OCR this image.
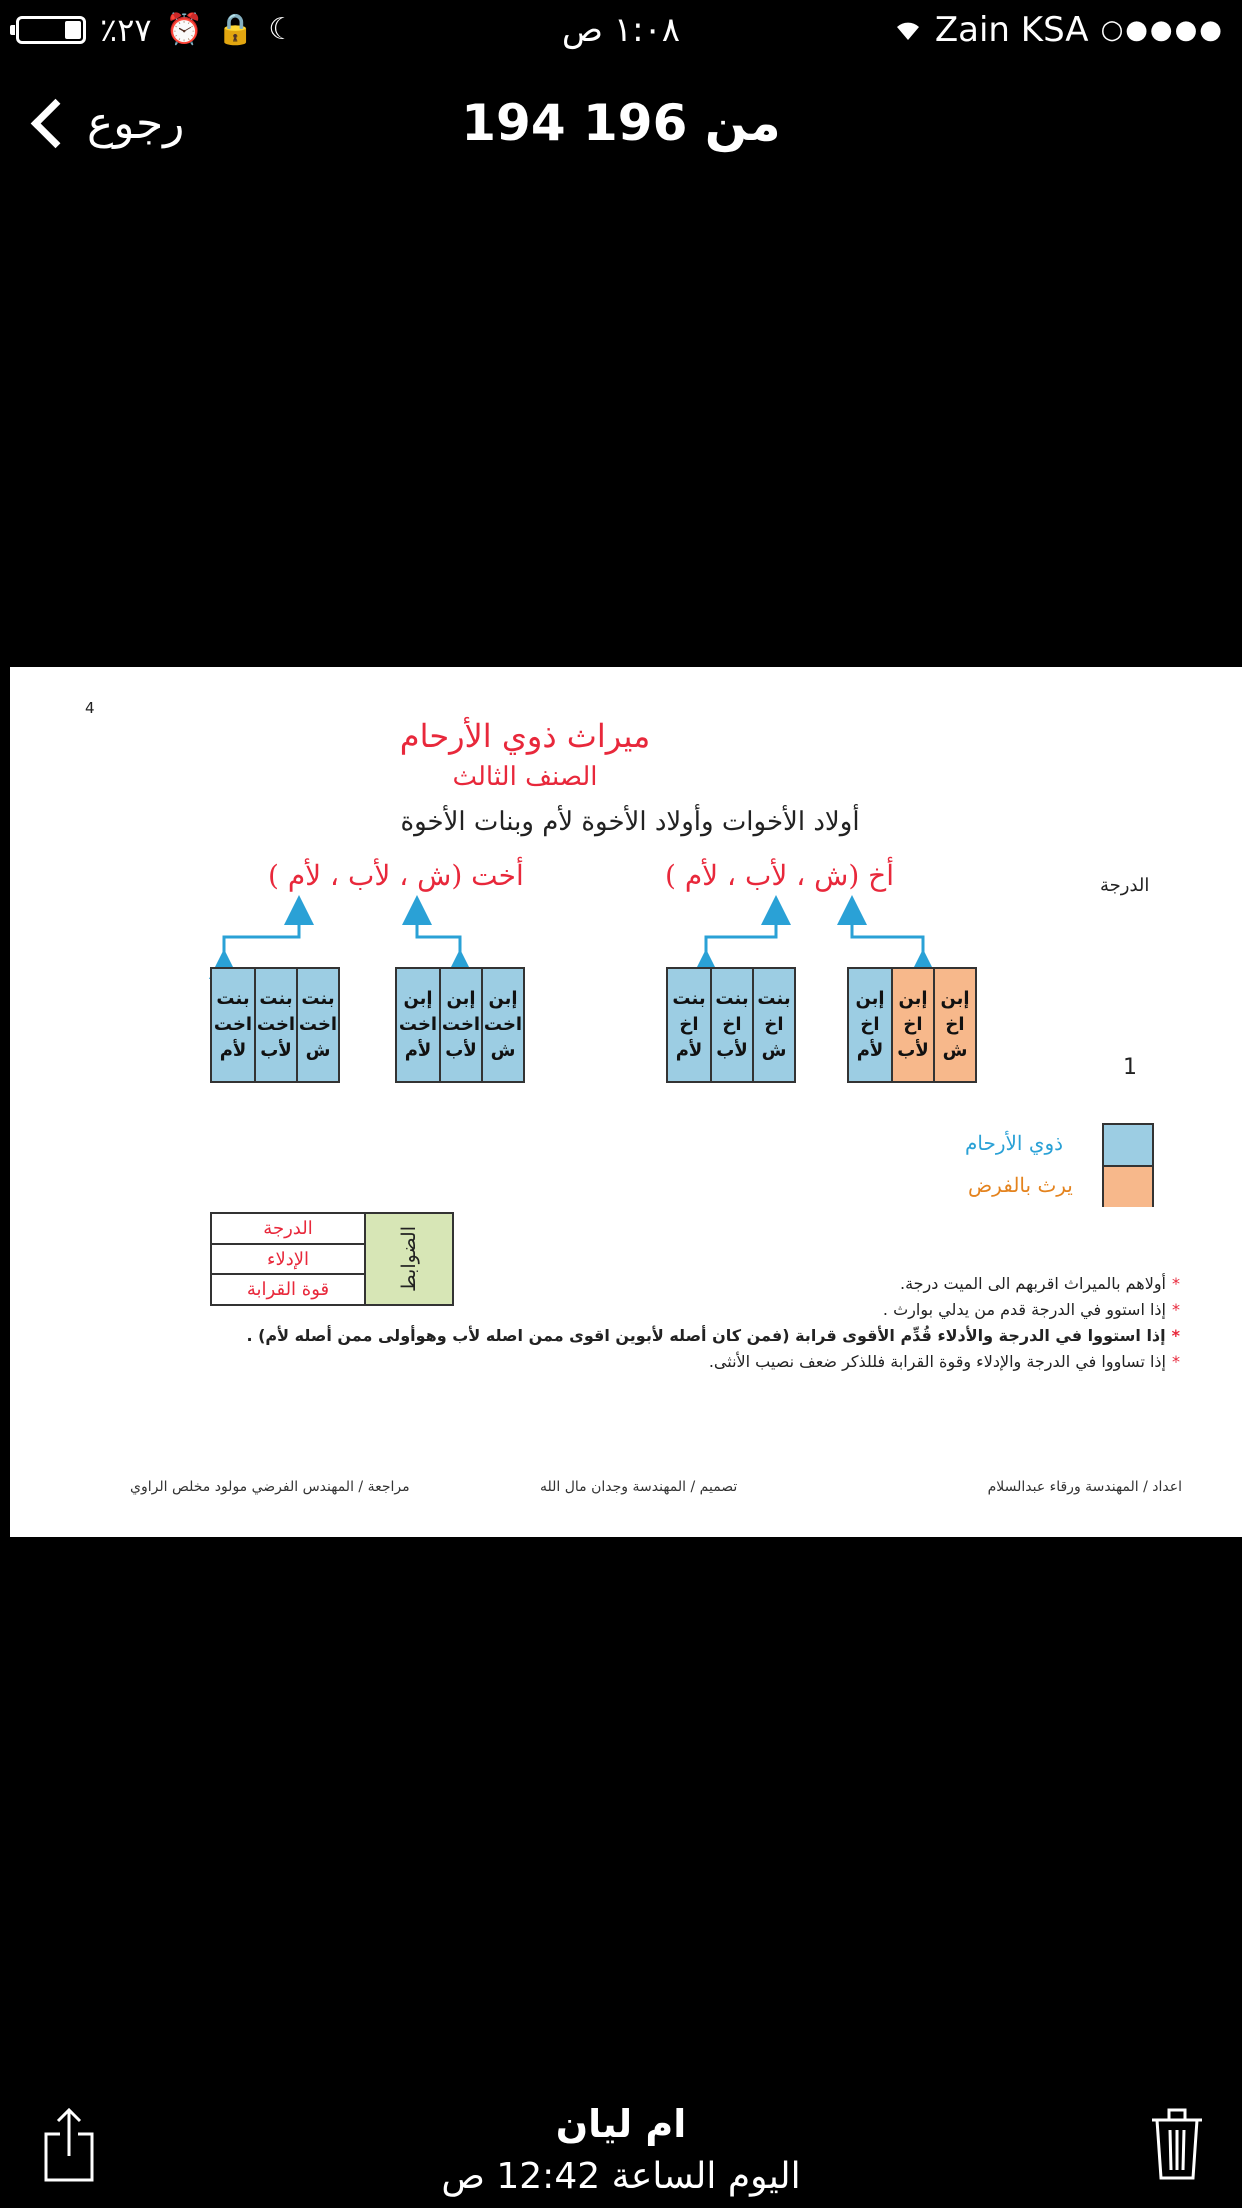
٪٢٧ ⏰ 🔒 ☾	١:٠٨ ص	Zain KSA ○●●●●
رجوع	194 من 196
4
ميراث ذوي الأرحام
الصنف الثالث
أولاد الأخوات وأولاد الأخوة لأم وبنات الأخوة
الدرجة
أخ (ش ، لأب ، لأم )
أخت (ش ، لأب ، لأم )
إبن
اخ
ش
إبن
اخ
لأب
إبن
اخ
لأم
بنت
اخ
ش
بنت
اخ
لأب
بنت
اخ
لأم
إبن
اخت
ش
إبن
اخت
لأب
إبن
اخت
لأم
بنت
اخت
ش
بنت
اخت
لأب
بنت
اخت
لأم
1
ذوي الأرحام
يرث بالفرض
الضوابط
الدرجة
الإدلاء
قوة القرابة	*أولاهم بالميراث اقربهم الى الميت درجة.
*إذا استوو في الدرجة قدم من يدلي بوارث .
*إذا استووا في الدرجة والأدلاء قُدِّم الأقوى قرابة (فمن كان أصله لأبوين اقوى ممن اصله لأب وهوأولى ممن أصله لأم) .
*إذا تساووا في الدرجة والإدلاء وقوة القرابة فللذكر ضعف نصيب الأنثى.
اعداد / المهندسة ورقاء عبدالسلام
تصميم / المهندسة وجدان مال الله
مراجعة / المهندس الفرضي مولود مخلص الراوي
ام ليان
اليوم الساعة 12:42 ص
